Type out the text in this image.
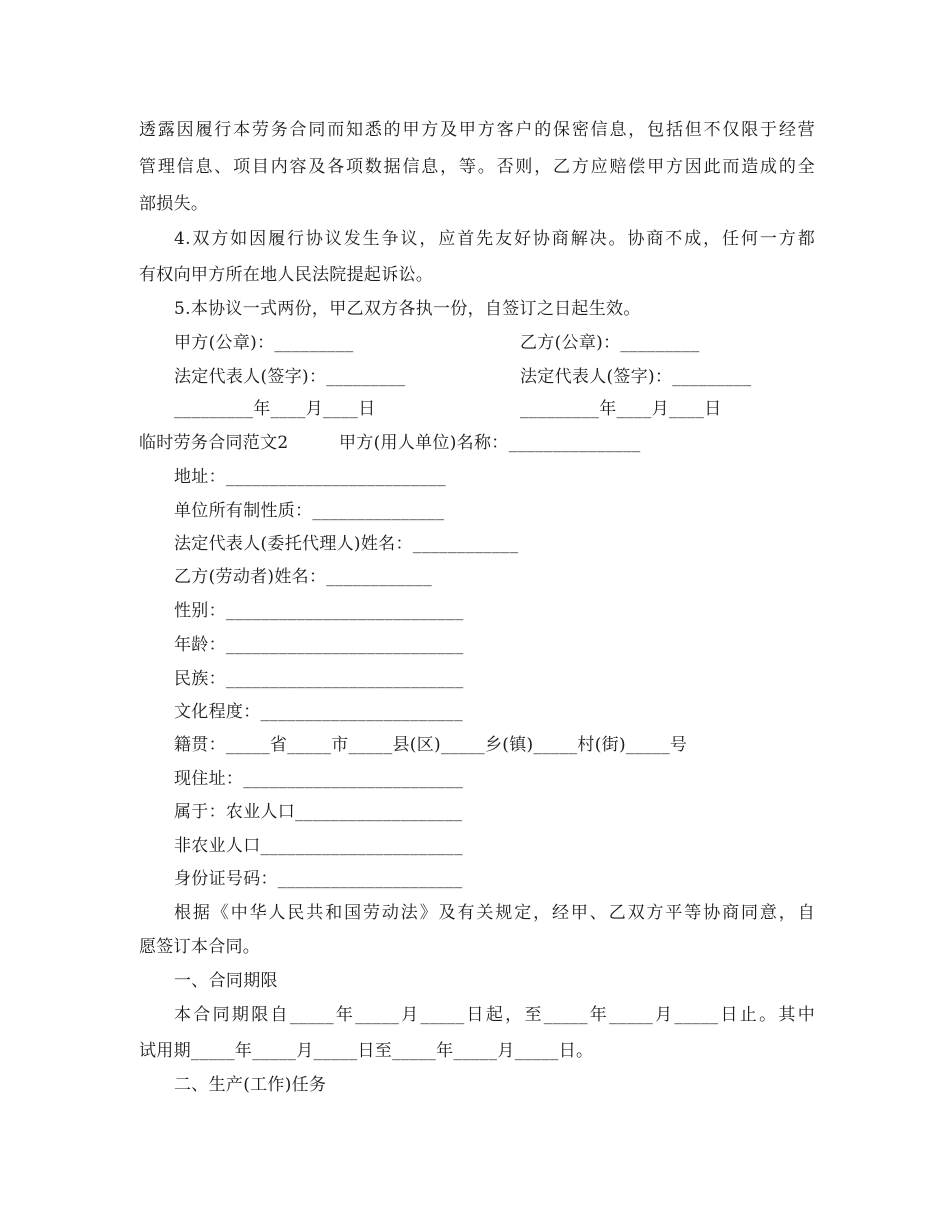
透露因履行本劳务合同而知悉的甲方及甲方客户的保密信息，包括但不仅限于经营
管理信息、项目内容及各项数据信息，等。否则，乙方应赔偿甲方因此而造成的全
部损失。
4.双方如因履行协议发生争议，应首先友好协商解决。协商不成，任何一方都
有权向甲方所在地人民法院提起诉讼。
5.本协议一式两份，甲乙双方各执一份，自签订之日起生效。
甲方(公章)：_________	乙方(公章)：_________
法定代表人(签字)：_________	法定代表人(签字)：_________
_________年____月____日	_________年____月____日
临时劳务合同范文2	甲方(用人单位)名称：_______________
地址：_________________________
单位所有制性质：_______________
法定代表人(委托代理人)姓名：____________
乙方(劳动者)姓名：____________
性别：___________________________
年龄：___________________________
民族：___________________________
文化程度：_______________________
籍贯：_____省_____市_____县(区)_____乡(镇)_____村(街)_____号
现住址：_________________________
属于：农业人口___________________
非农业人口_______________________
身份证号码：_____________________
根据《中华人民共和国劳动法》及有关规定，经甲、乙双方平等协商同意，自
愿签订本合同。
一、合同期限
本合同期限自_____年_____月_____日起，至_____年_____月_____日止。其中
试用期_____年_____月_____日至_____年_____月_____日。
二、生产(工作)任务
